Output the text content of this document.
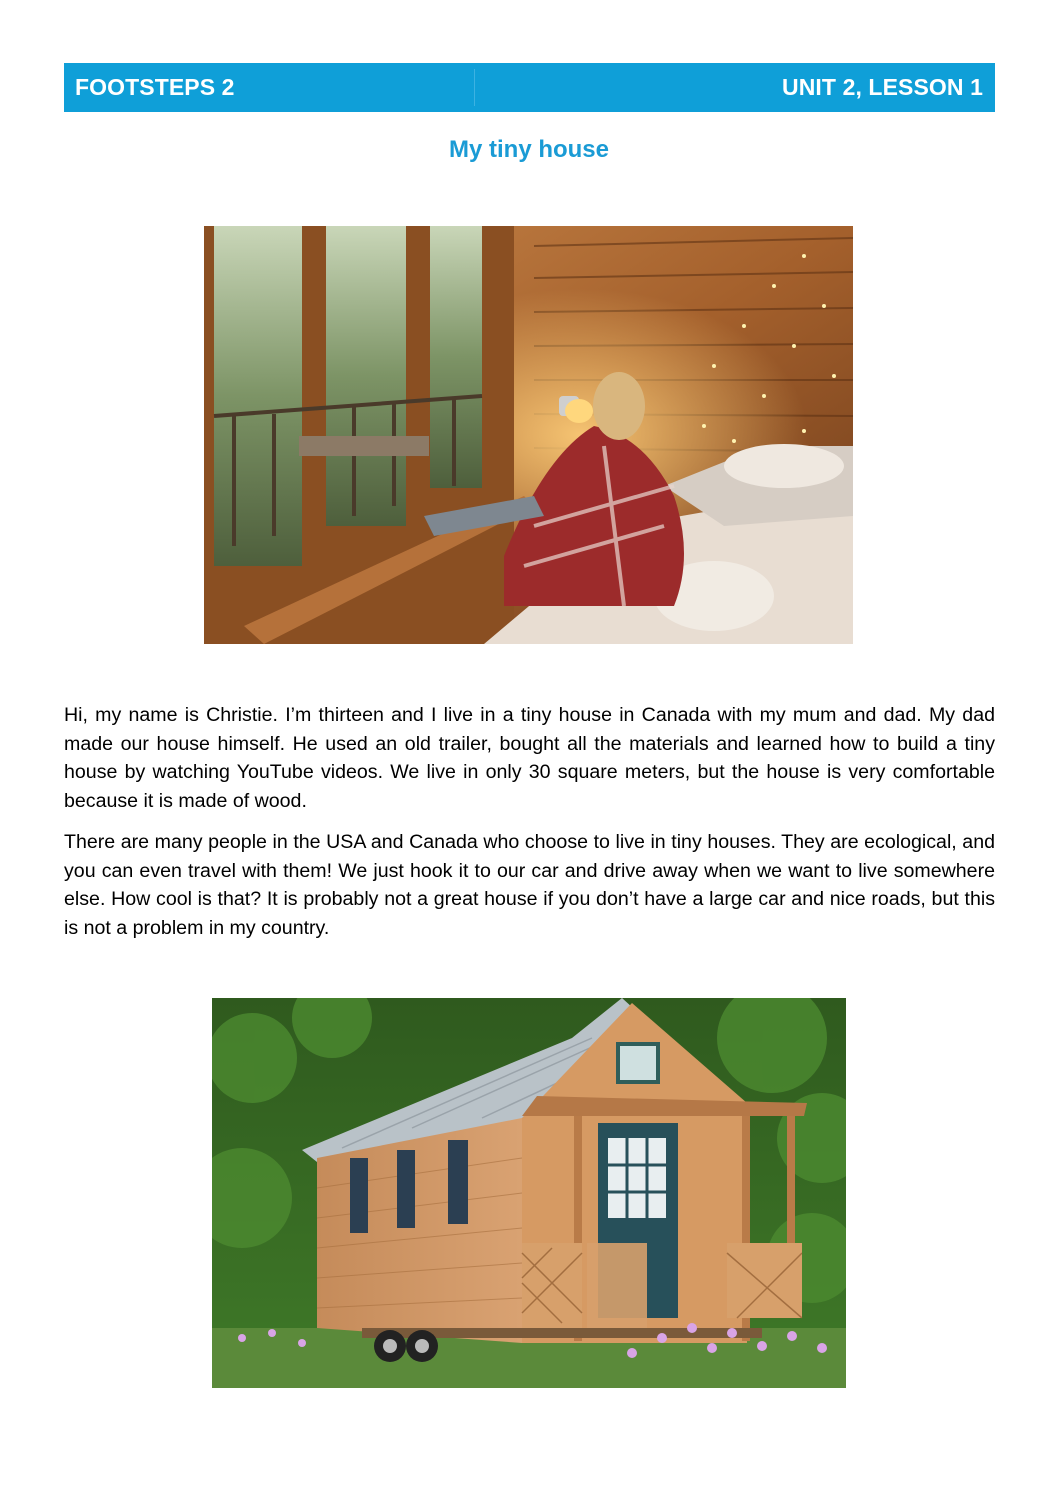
FOOTSTEPS 2	UNIT 2, LESSON 1
My tiny house
Hi, my name is Christie. I’m thirteen and I live in a tiny house in Canada with my mum and dad. My dad made our house himself. He used an old trailer, bought all the materials and learned how to build a tiny house by watching YouTube videos. We live in only 30 square meters, but the house is very comfortable because it is made of wood.
There are many people in the USA and Canada who choose to live in tiny houses. They are ecological, and you can even travel with them! We just hook it to our car and drive away when we want to live somewhere else. How cool is that? It is probably not a great house if you don’t have a large car and nice roads, but this is not a problem in my country.
